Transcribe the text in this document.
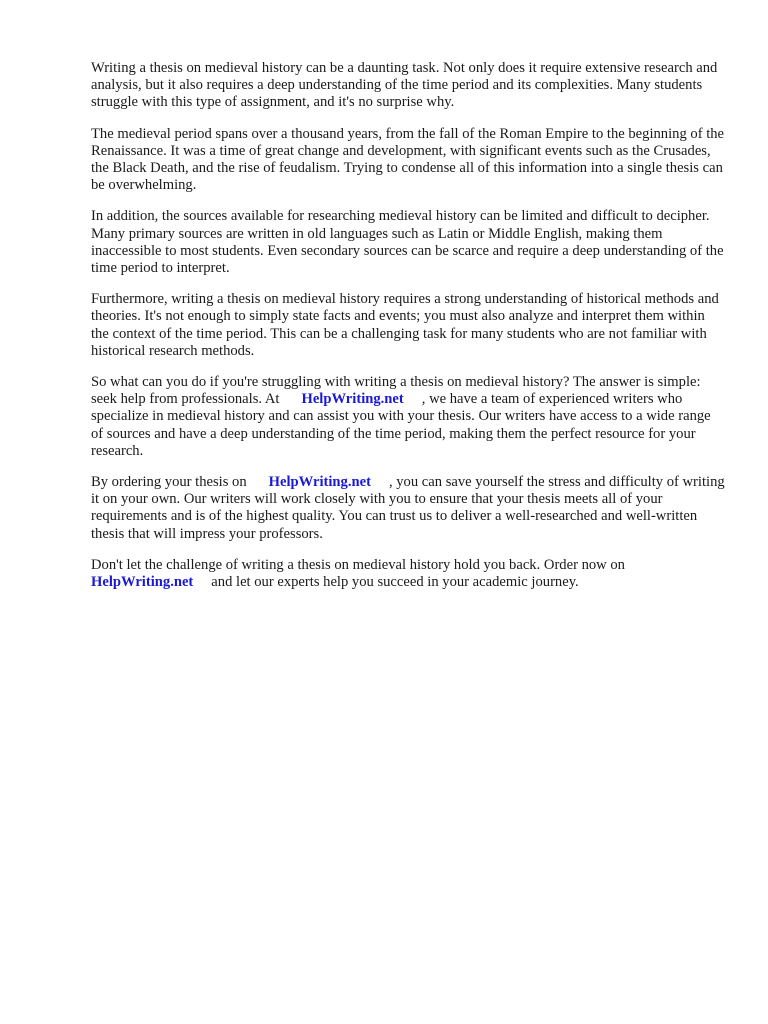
Writing a thesis on medieval history can be a daunting task. Not only does it require extensive research and analysis, but it also requires a deep understanding of the time period and its complexities. Many students struggle with this type of assignment, and it's no surprise why.

The medieval period spans over a thousand years, from the fall of the Roman Empire to the beginning of the Renaissance. It was a time of great change and development, with significant events such as the Crusades, the Black Death, and the rise of feudalism. Trying to condense all of this information into a single thesis can be overwhelming.

In addition, the sources available for researching medieval history can be limited and difficult to decipher. Many primary sources are written in old languages such as Latin or Middle English, making them inaccessible to most students. Even secondary sources can be scarce and require a deep understanding of the time period to interpret.

Furthermore, writing a thesis on medieval history requires a strong understanding of historical methods and theories. It's not enough to simply state facts and events; you must also analyze and interpret them within the context of the time period. This can be a challenging task for many students who are not familiar with historical research methods.

So what can you do if you're struggling with writing a thesis on medieval history? The answer is simple: seek help from professionals. At HelpWriting.net , we have a team of experienced writers who specialize in medieval history and can assist you with your thesis. Our writers have access to a wide range of sources and have a deep understanding of the time period, making them the perfect resource for your research.

By ordering your thesis on HelpWriting.net , you can save yourself the stress and difficulty of writing it on your own. Our writers will work closely with you to ensure that your thesis meets all of your requirements and is of the highest quality. You can trust us to deliver a well-researched and well-written thesis that will impress your professors.

Don't let the challenge of writing a thesis on medieval history hold you back. Order now on HelpWriting.net and let our experts help you succeed in your academic journey.
